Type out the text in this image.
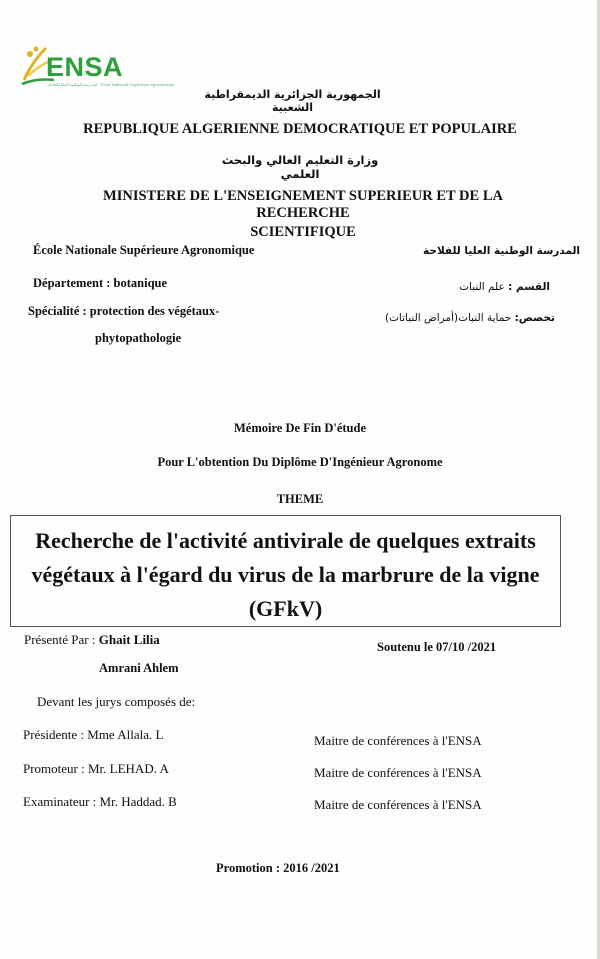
ENSA
المدرسة الوطنية العليا للفلاحة · École Nationale Supérieure Agronomique
الجمهورية الجزائرية الديمقراطية الشعبية
REPUBLIQUE ALGERIENNE DEMOCRATIQUE ET POPULAIRE
وزارة التعليم العالي والبحث العلمي
MINISTERE DE L'ENSEIGNEMENT SUPERIEUR ET DE LA RECHERCHE
SCIENTIFIQUE
École Nationale Supérieure Agronomique	المدرسة الوطنية العليا للفلاحة
Département : botanique	القسم : علم النبات
Spécialité : protection des végétaux-
phytopathologie
تخصص: حماية النبات(أمراض النباتات)
Mémoire De Fin D'étude
Pour L'obtention Du Diplôme D'Ingénieur Agronome
THEME
Recherche de l'activité antivirale de quelques extraits
végétaux à l'égard du virus de la marbrure de la vigne
(GFkV)
Présenté Par : Ghait Lilia
Amrani Ahlem
Soutenu le 07/10 /2021
Devant les jurys composés de:
Présidente : Mme Allala. L	Maitre de conférences à l'ENSA
Promoteur : Mr. LEHAD. A	Maitre de conférences à l'ENSA
Examinateur : Mr. Haddad. B	Maitre de conférences à l'ENSA
Promotion : 2016 /2021
